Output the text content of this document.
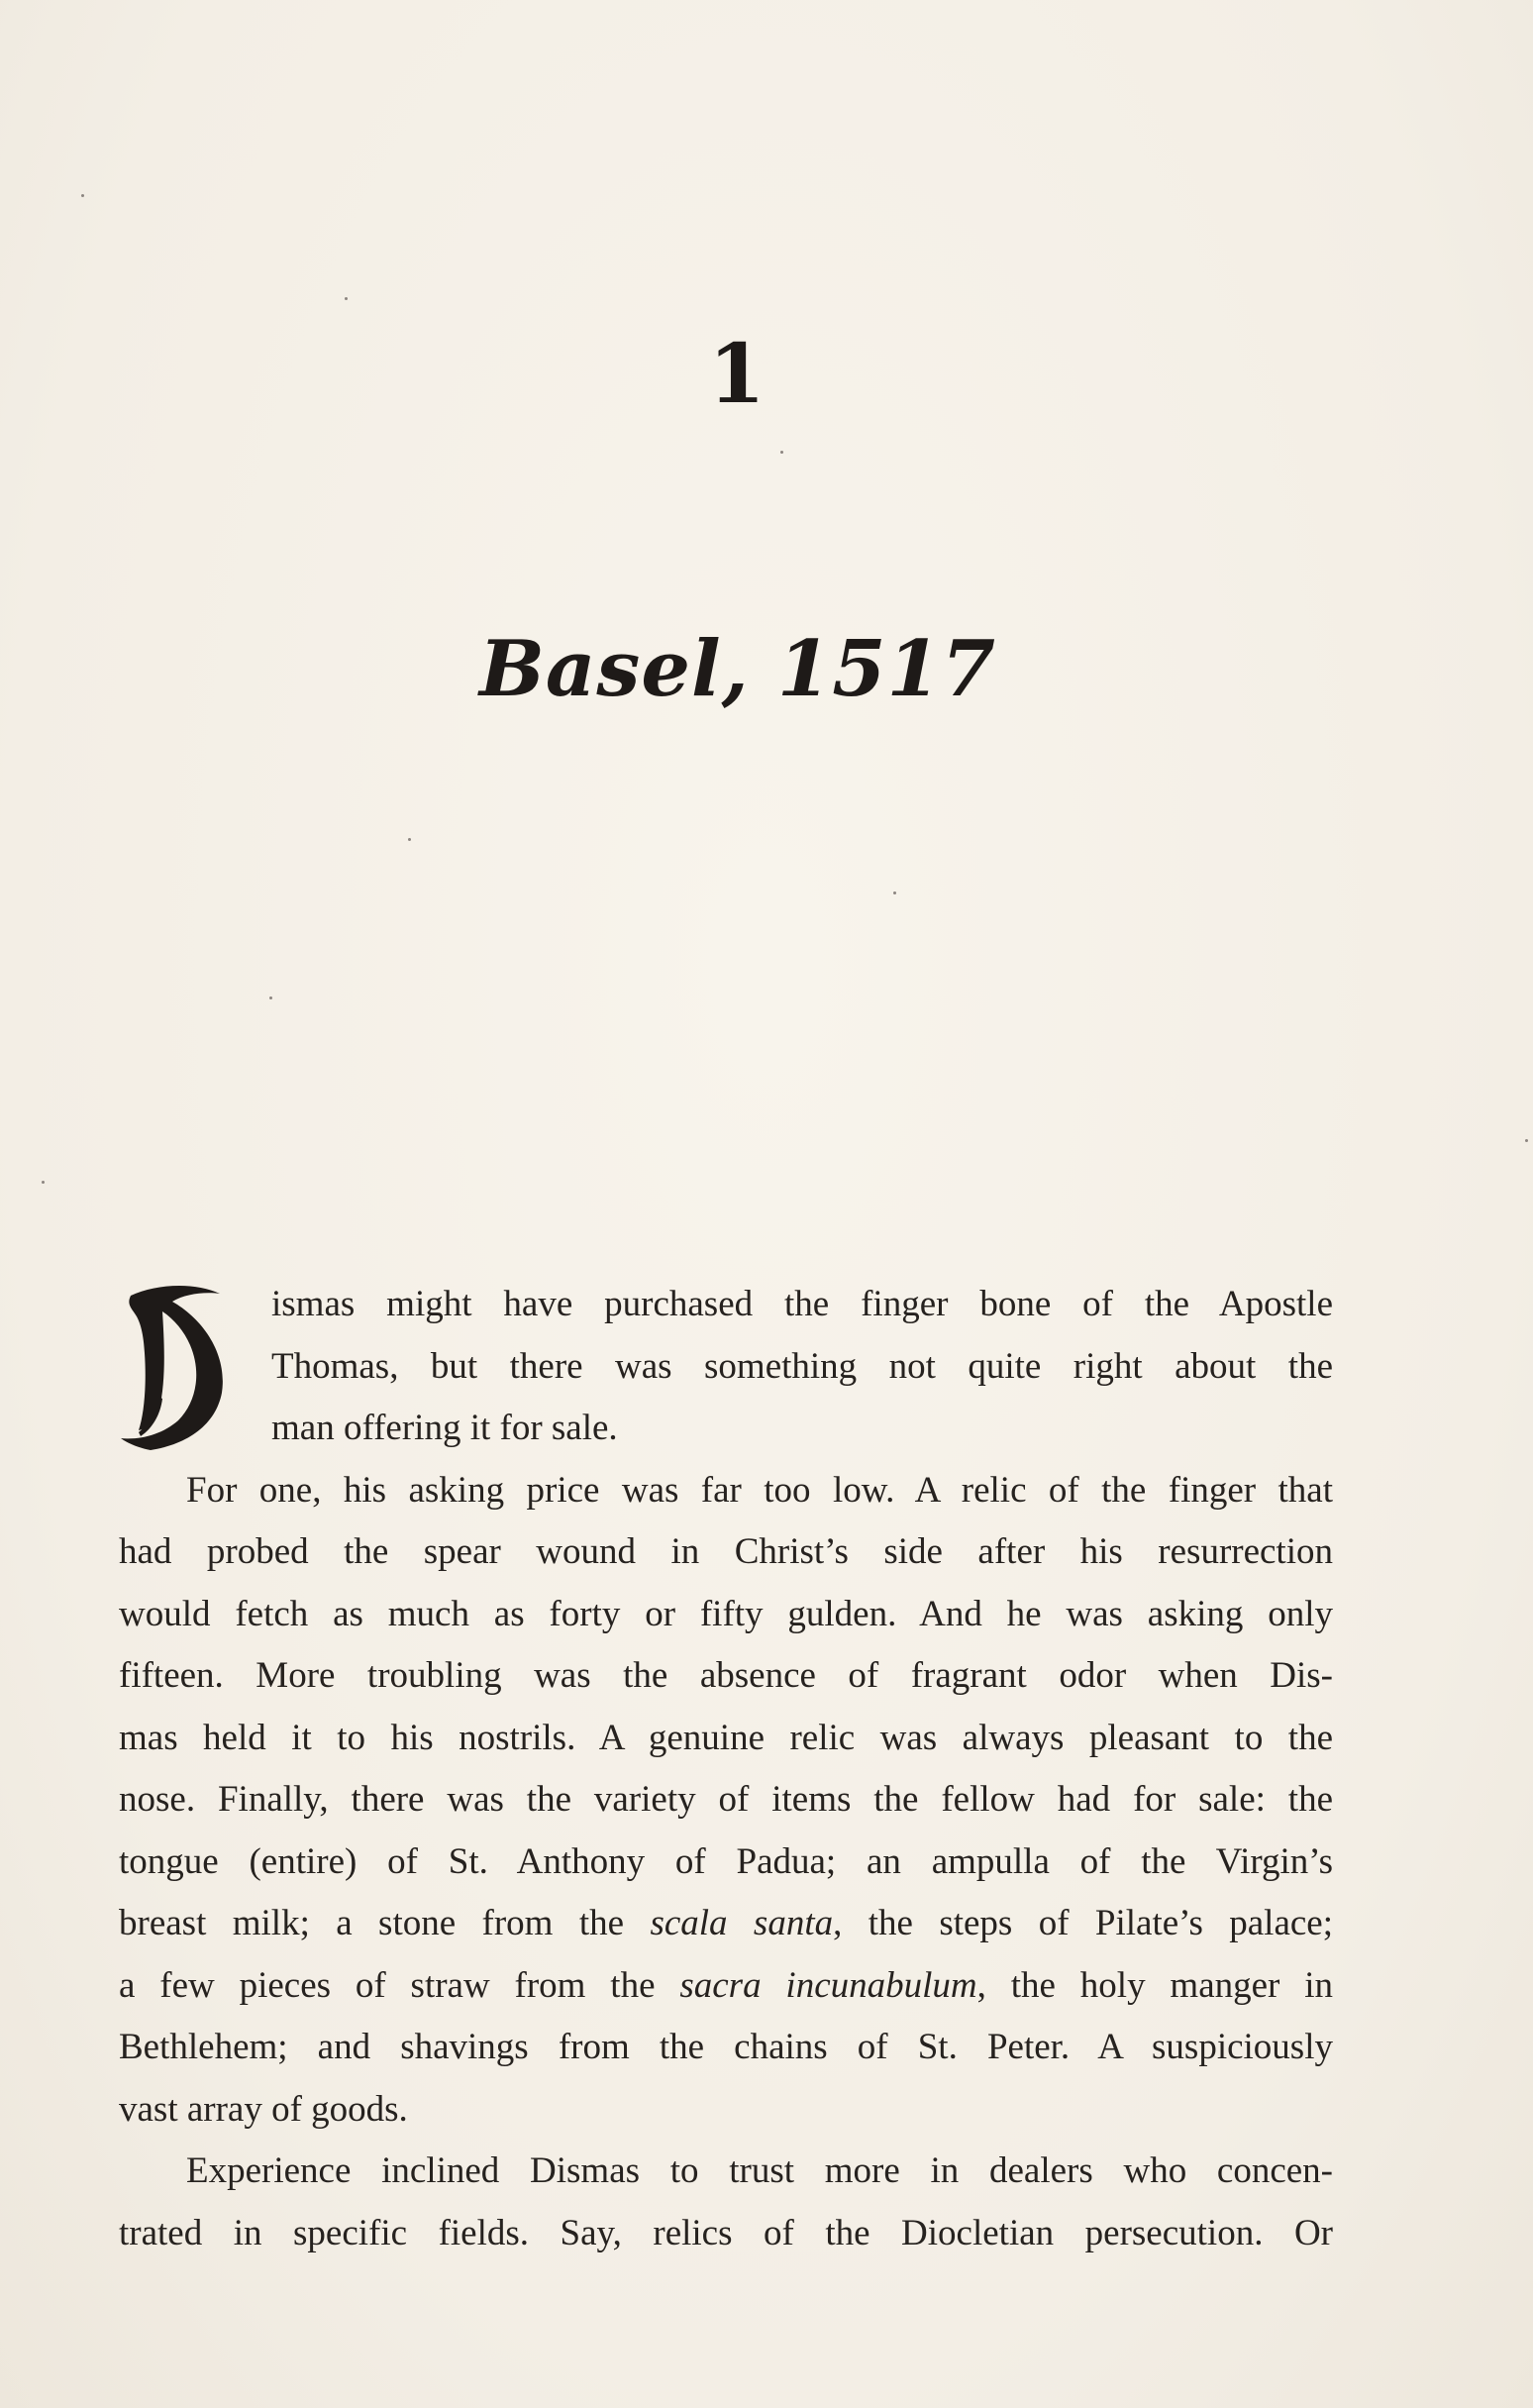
1
Basel, 1517
ismas might have purchased the finger bone of the Apostle
Thomas, but there was something not quite right about the
man offering it for sale.
For one, his asking price was far too low. A relic of the finger that
had probed the spear wound in Christ’s side after his resurrection
would fetch as much as forty or fifty gulden. And he was asking only
fifteen. More troubling was the absence of fragrant odor when Dis-
mas held it to his nostrils. A genuine relic was always pleasant to the
nose. Finally, there was the variety of items the fellow had for sale: the
tongue (entire) of St. Anthony of Padua; an ampulla of the Virgin’s
breast milk; a stone from the scala santa, the steps of Pilate’s palace;
a few pieces of straw from the sacra incunabulum, the holy manger in
Bethlehem; and shavings from the chains of St. Peter. A suspiciously
vast array of goods.
Experience inclined Dismas to trust more in dealers who concen-
trated in specific fields. Say, relics of the Diocletian persecution. Or
